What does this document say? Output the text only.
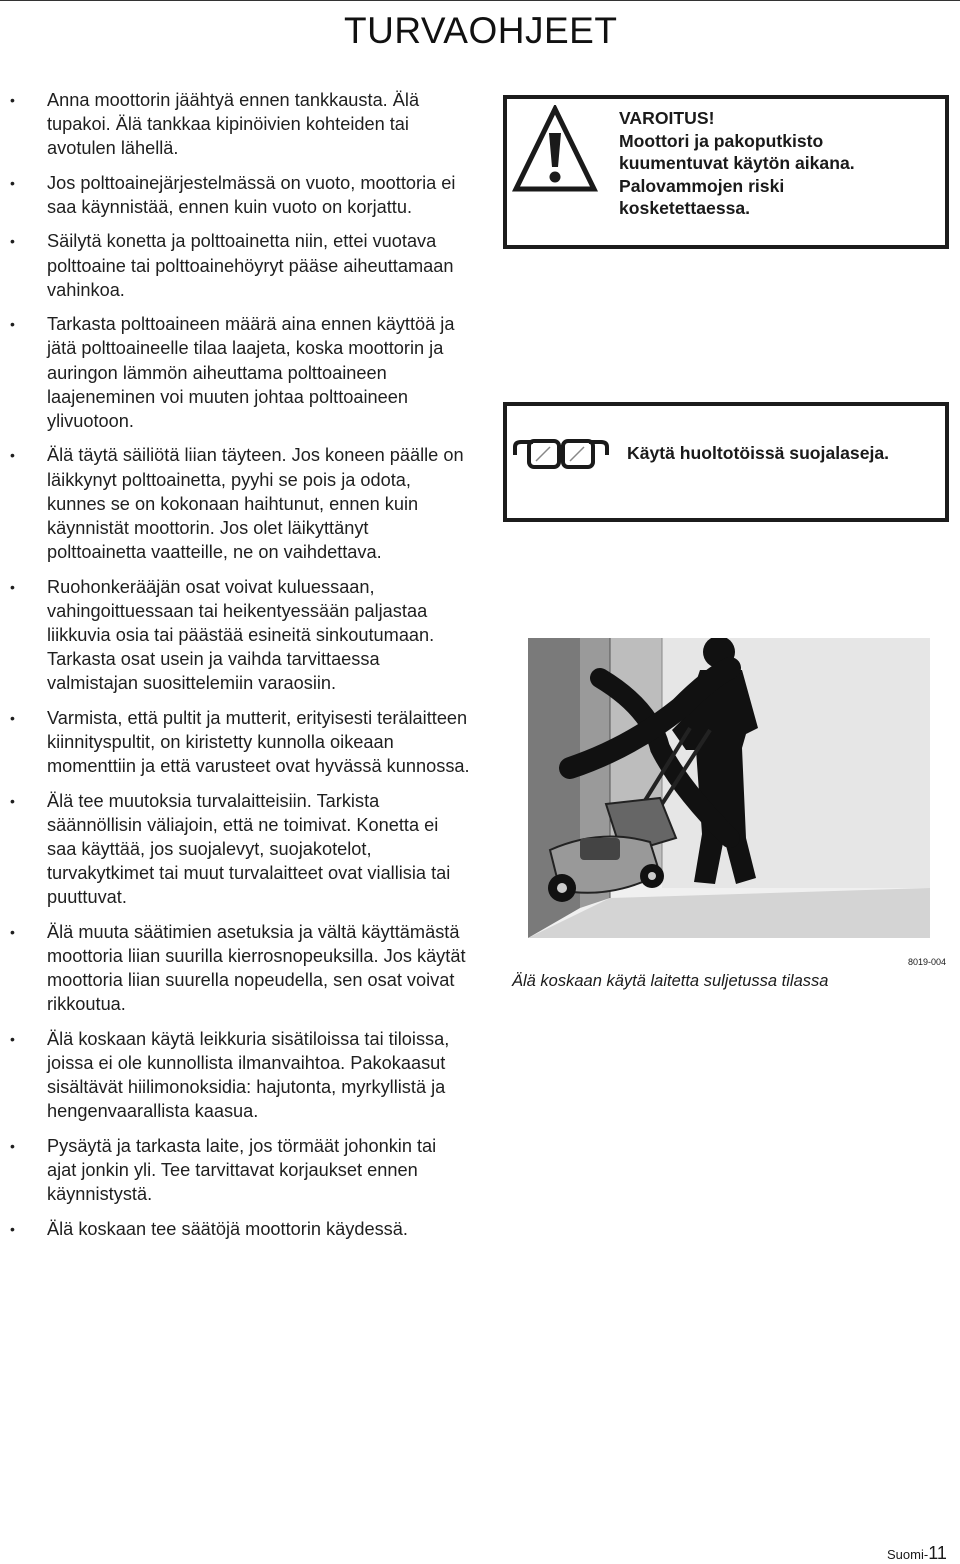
TURVAOHJEET
• Anna moottorin jäähtyä ennen tankkausta. Älä tupakoi. Älä tankkaa kipinöivien kohteiden tai avotulen lähellä.
• Jos polttoainejärjestelmässä on vuoto, moottoria ei saa käynnistää, ennen kuin vuoto on korjattu.
• Säilytä konetta ja polttoainetta niin, ettei vuotava polttoaine tai polttoainehöyryt pääse aiheuttamaan vahinkoa.
• Tarkasta polttoaineen määrä aina ennen käyttöä ja jätä polttoaineelle tilaa laajeta, koska moottorin ja auringon lämmön aiheuttama polttoaineen laajeneminen voi muuten johtaa polttoaineen ylivuotoon.
• Älä täytä säiliötä liian täyteen. Jos koneen päälle on läikkynyt polttoainetta, pyyhi se pois ja odota, kunnes se on kokonaan haihtunut, ennen kuin käynnistät moottorin. Jos olet läikyttänyt polttoainetta vaatteille, ne on vaihdettava.
• Ruohonkerääjän osat voivat kuluessaan, vahingoittuessaan tai heikentyessään paljastaa liikkuvia osia tai päästää esineitä sinkoutumaan. Tarkasta osat usein ja vaihda tarvittaessa valmistajan suosittelemiin varaosiin.
• Varmista, että pultit ja mutterit, erityisesti terälaitteen kiinnityspultit, on kiristetty kunnolla oikeaan momenttiin ja että varusteet ovat hyvässä kunnossa.
• Älä tee muutoksia turvalaitteisiin. Tarkista säännöllisin väliajoin, että ne toimivat. Konetta ei saa käyttää, jos suojalevyt, suojakotelot, turvakytkimet tai muut turvalaitteet ovat viallisia tai puuttuvat.
• Älä muuta säätimien asetuksia ja vältä käyttämästä moottoria liian suurilla kierrosnopeuksilla. Jos käytät moottoria liian suurella nopeudella, sen osat voivat rikkoutua.
• Älä koskaan käytä leikkuria sisätiloissa tai tiloissa, joissa ei ole kunnollista ilmanvaihtoa. Pakokaasut sisältävät hiilimonoksidia: hajutonta, myrkyllistä ja hengenvaarallista kaasua.
• Pysäytä ja tarkasta laite, jos törmäät johonkin tai ajat jonkin yli. Tee tarvittavat korjaukset ennen käynnistystä.
• Älä koskaan tee säätöjä moottorin käydessä.
VAROITUS!
Moottori ja pakoputkisto
kuumentuvat käytön aikana.
Palovammojen riski
kosketettaessa.
Käytä huoltotöissä suojalaseja.
Älä koskaan käytä laitetta suljetussa tilassa
8019-004
Suomi-11
